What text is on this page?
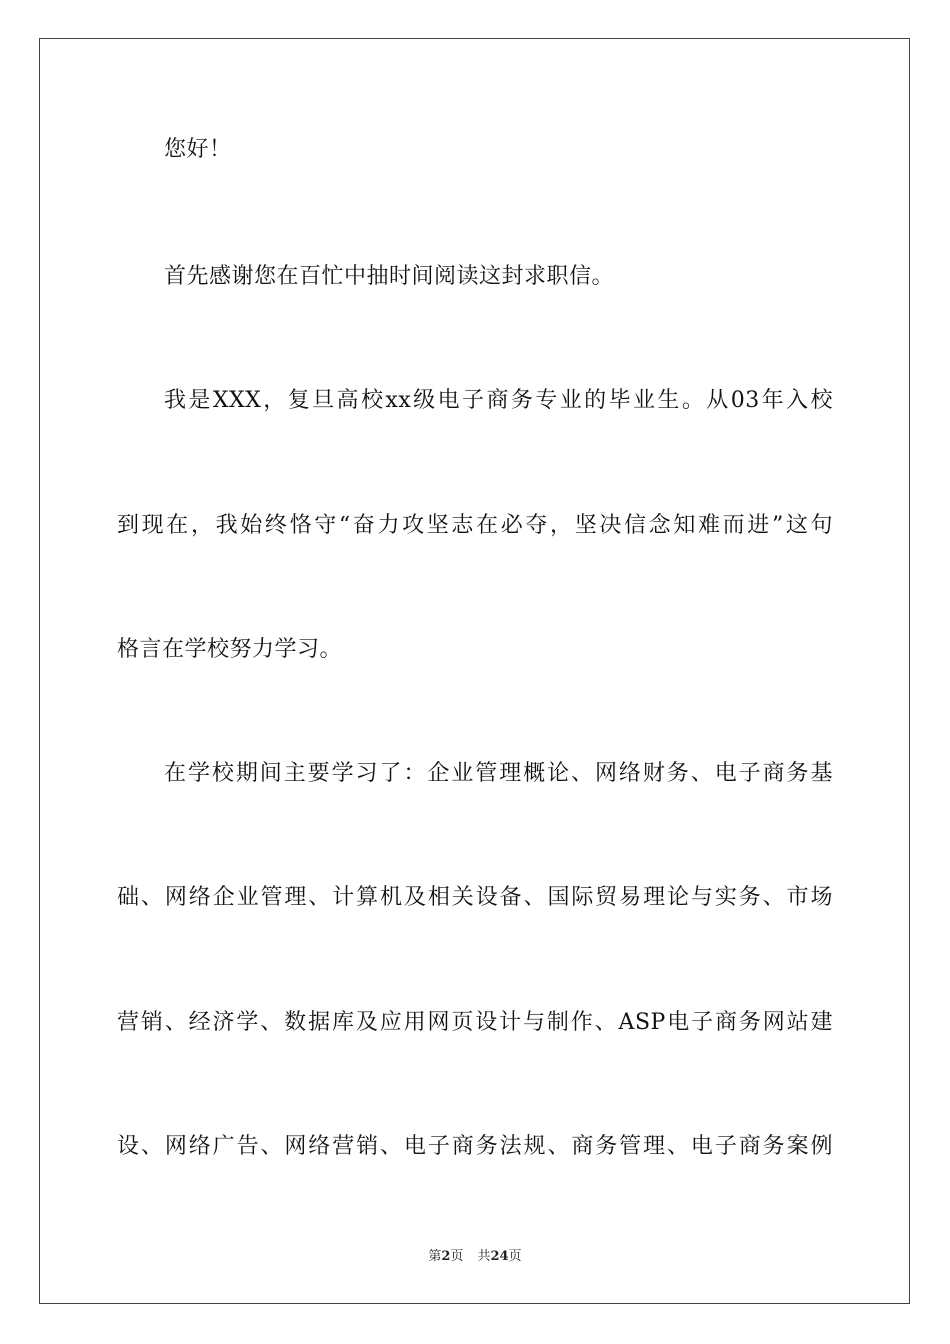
您好！
首先感谢您在百忙中抽时间阅读这封求职信。
我是XXX，复旦高校xx级电子商务专业的毕业生。从03年入校
到现在，我始终恪守“奋力攻坚志在必夺，坚决信念知难而进”这句
格言在学校努力学习。
在学校期间主要学习了：企业管理概论、网络财务、电子商务基
础、网络企业管理、计算机及相关设备、国际贸易理论与实务、市场
营销、经济学、数据库及应用网页设计与制作、ASP电子商务网站建
设、网络广告、网络营销、电子商务法规、商务管理、电子商务案例
第2页 共24页
